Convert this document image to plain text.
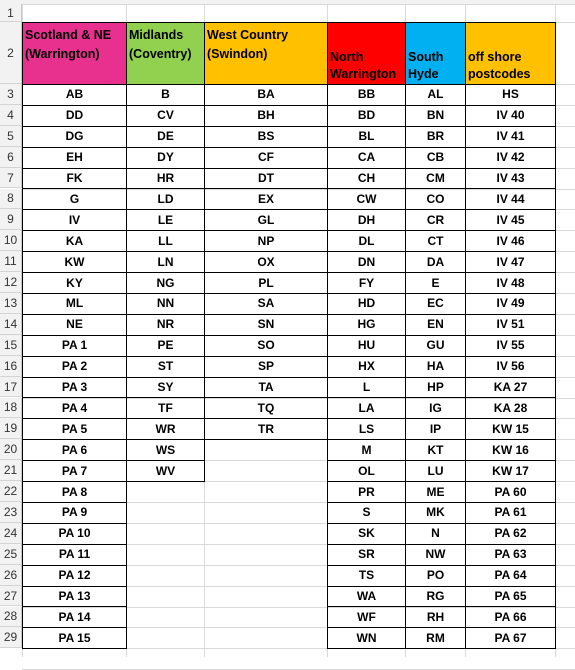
1
2
3
4
5
6
7
8
9
10
11
12
13
14
15
16
17
18
19
20
21
22
23
24
25
26
27
28
29
Scotland & NE (Warrington)
Midlands (Coventry)
West Country (Swindon)	North Warrington
South Hyde
off shore postcodes
AB
DD
DG
EH
FK
G
IV
KA
KW
KY
ML
NE
PA 1
PA 2
PA 3
PA 4
PA 5
PA 6
PA 7
PA 8
PA 9
PA 10
PA 11
PA 12
PA 13
PA 14
PA 15
B
CV
DE
DY
HR
LD
LE
LL
LN
NG
NN
NR
PE
ST
SY
TF
WR
WS
WV
BA
BH
BS
CF
DT
EX
GL
NP
OX
PL
SA
SN
SO
SP
TA
TQ
TR
BB
BD
BL
CA
CH
CW
DH
DL
DN
FY
HD
HG
HU
HX
L
LA
LS
M
OL
PR
S
SK
SR
TS
WA
WF
WN
AL
BN
BR
CB
CM
CO
CR
CT
DA
E
EC
EN
GU
HA
HP
IG
IP
KT
LU
ME
MK
N
NW
PO
RG
RH
RM
HS
IV 40
IV 41
IV 42
IV 43
IV 44
IV 45
IV 46
IV 47
IV 48
IV 49
IV 51
IV 55
IV 56
KA 27
KA 28
KW 15
KW 16
KW 17
PA 60
PA 61
PA 62
PA 63
PA 64
PA 65
PA 66
PA 67
